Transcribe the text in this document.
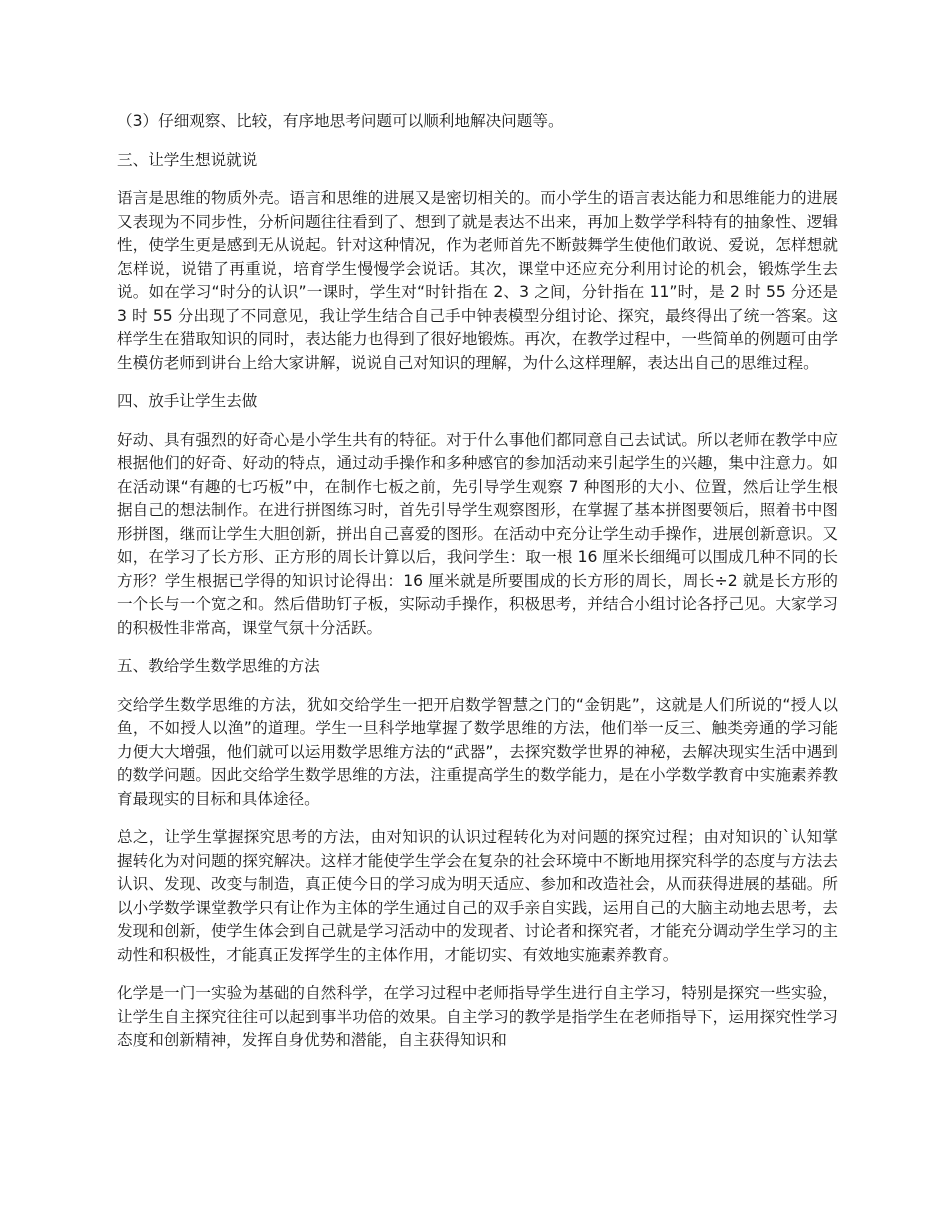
（3）仔细观察、比较，有序地思考问题可以顺利地解决问题等。

三、让学生想说就说

语言是思维的物质外壳。语言和思维的进展又是密切相关的。而小学生的语言表达能力和思维能力的进展又表现为不同步性，分析问题往往看到了、想到了就是表达不出来，再加上数学学科特有的抽象性、逻辑性，使学生更是感到无从说起。针对这种情况，作为老师首先不断鼓舞学生使他们敢说、爱说，怎样想就怎样说，说错了再重说，培育学生慢慢学会说话。其次，课堂中还应充分利用讨论的机会，锻炼学生去说。如在学习“时分的认识”一课时，学生对“时针指在 2、3 之间，分针指在 11”时，是 2 时 55 分还是 3 时 55 分出现了不同意见，我让学生结合自己手中钟表模型分组讨论、探究，最终得出了统一答案。这样学生在猎取知识的同时，表达能力也得到了很好地锻炼。再次，在教学过程中，一些简单的例题可由学生模仿老师到讲台上给大家讲解，说说自己对知识的理解，为什么这样理解，表达出自己的思维过程。

四、放手让学生去做

好动、具有强烈的好奇心是小学生共有的特征。对于什么事他们都同意自己去试试。所以老师在教学中应根据他们的好奇、好动的特点，通过动手操作和多种感官的参加活动来引起学生的兴趣，集中注意力。如在活动课“有趣的七巧板”中，在制作七板之前，先引导学生观察 7 种图形的大小、位置，然后让学生根据自己的想法制作。在进行拼图练习时，首先引导学生观察图形，在掌握了基本拼图要领后，照着书中图形拼图，继而让学生大胆创新，拼出自己喜爱的图形。在活动中充分让学生动手操作，进展创新意识。又如，在学习了长方形、正方形的周长计算以后，我问学生：取一根 16 厘米长细绳可以围成几种不同的长方形？学生根据已学得的知识讨论得出：16 厘米就是所要围成的长方形的周长，周长÷2 就是长方形的一个长与一个宽之和。然后借助钉子板，实际动手操作，积极思考，并结合小组讨论各抒己见。大家学习的积极性非常高，课堂气氛十分活跃。

五、教给学生数学思维的方法

交给学生数学思维的方法，犹如交给学生一把开启数学智慧之门的“金钥匙”，这就是人们所说的“授人以鱼，不如授人以渔”的道理。学生一旦科学地掌握了数学思维的方法，他们举一反三、触类旁通的学习能力便大大增强，他们就可以运用数学思维方法的“武器”，去探究数学世界的神秘，去解决现实生活中遇到的数学问题。因此交给学生数学思维的方法，注重提高学生的数学能力，是在小学数学教育中实施素养教育最现实的目标和具体途径。

总之，让学生掌握探究思考的方法，由对知识的认识过程转化为对问题的探究过程；由对知识的`认知掌握转化为对问题的探究解决。这样才能使学生学会在复杂的社会环境中不断地用探究科学的态度与方法去认识、发现、改变与制造，真正使今日的学习成为明天适应、参加和改造社会，从而获得进展的基础。所以小学数学课堂教学只有让作为主体的学生通过自己的双手亲自实践，运用自己的大脑主动地去思考，去发现和创新，使学生体会到自己就是学习活动中的发现者、讨论者和探究者，才能充分调动学生学习的主动性和积极性，才能真正发挥学生的主体作用，才能切实、有效地实施素养教育。

化学是一门一实验为基础的自然科学，在学习过程中老师指导学生进行自主学习，特别是探究一些实验，让学生自主探究往往可以起到事半功倍的效果。自主学习的教学是指学生在老师指导下，运用探究性学习态度和创新精神，发挥自身优势和潜能，自主获得知识和
